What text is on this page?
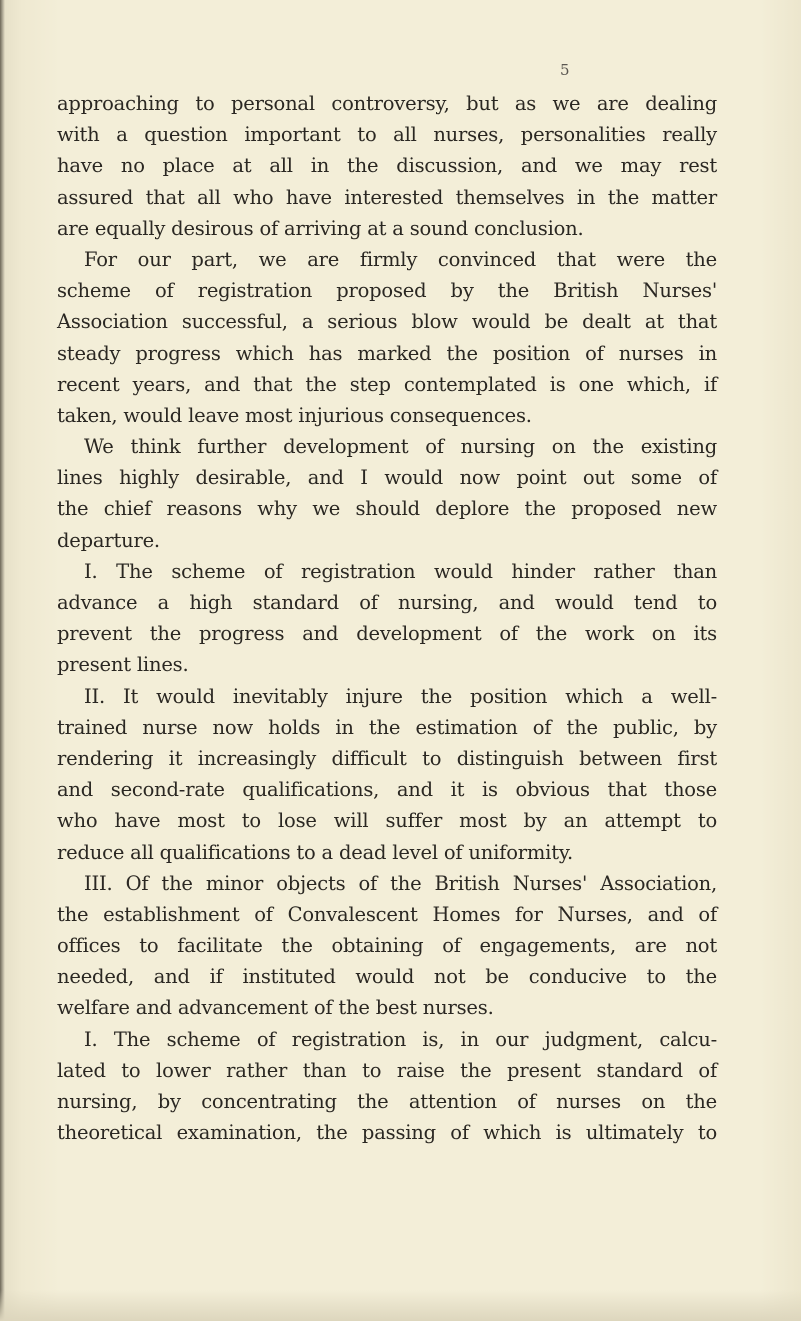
5
approaching to personal controversy, but as we are dealing
with a question important to all nurses, personalities really
have no place at all in the discussion, and we may rest
assured that all who have interested themselves in the matter
are equally desirous of arriving at a sound conclusion.
For our part, we are firmly convinced that were the
scheme of registration proposed by the British Nurses'
Association successful, a serious blow would be dealt at that
steady progress which has marked the position of nurses in
recent years, and that the step contemplated is one which, if
taken, would leave most injurious consequences.
We think further development of nursing on the existing
lines highly desirable, and I would now point out some of
the chief reasons why we should deplore the proposed new
departure.
I. The scheme of registration would hinder rather than
advance a high standard of nursing, and would tend to
prevent the progress and development of the work on its
present lines.
II. It would inevitably injure the position which a well-
trained nurse now holds in the estimation of the public, by
rendering it increasingly difficult to distinguish between first
and second-rate qualifications, and it is obvious that those
who have most to lose will suffer most by an attempt to
reduce all qualifications to a dead level of uniformity.
III. Of the minor objects of the British Nurses' Association,
the establishment of Convalescent Homes for Nurses, and of
offices to facilitate the obtaining of engagements, are not
needed, and if instituted would not be conducive to the
welfare and advancement of the best nurses.
I. The scheme of registration is, in our judgment, calcu-
lated to lower rather than to raise the present standard of
nursing, by concentrating the attention of nurses on the
theoretical examination, the passing of which is ultimately to
